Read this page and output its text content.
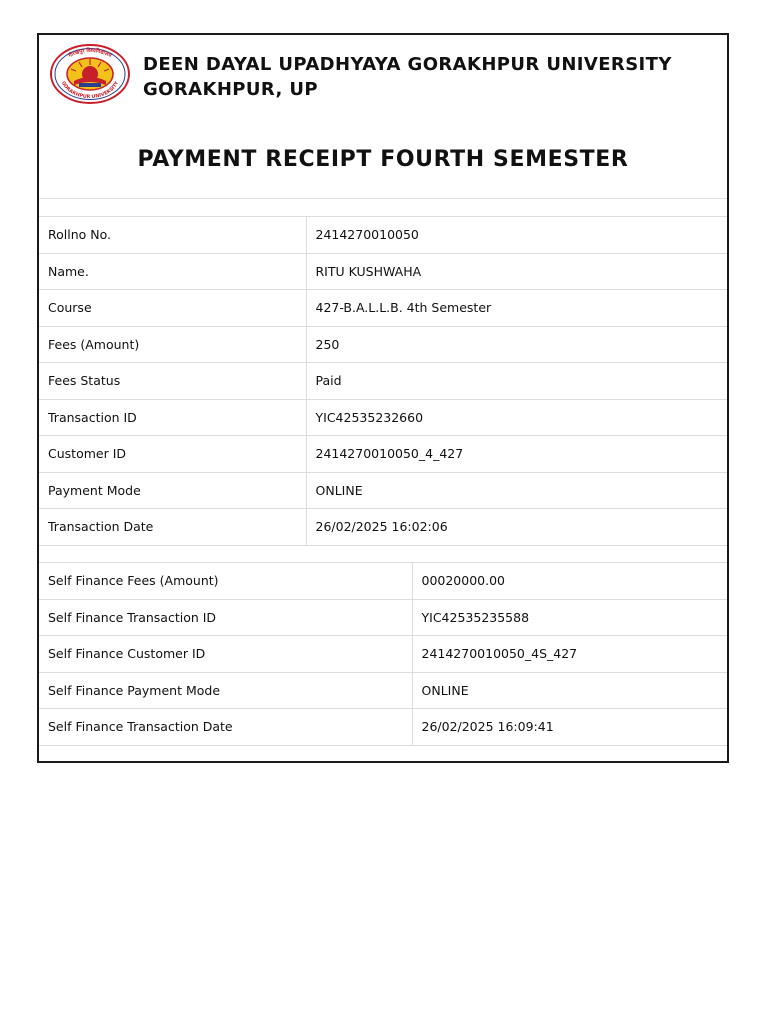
गोरखपुर विश्वविद्यालय
GORAKHPUR UNIVERSITY
DEEN DAYAL UPADHYAYA GORAKHPUR UNIVERSITY
GORAKHPUR, UP
PAYMENT RECEIPT FOURTH SEMESTER
Rollno No.	2414270010050
Name.	RITU KUSHWAHA
Course	427-B.A.L.L.B. 4th Semester
Fees (Amount)	250
Fees Status	Paid
Transaction ID	YIC42535232660
Customer ID	2414270010050_4_427
Payment Mode	ONLINE
Transaction Date	26/02/2025 16:02:06
Self Finance Fees (Amount)	00020000.00
Self Finance Transaction ID	YIC42535235588
Self Finance Customer ID	2414270010050_4S_427
Self Finance Payment Mode	ONLINE
Self Finance Transaction Date	26/02/2025 16:09:41
